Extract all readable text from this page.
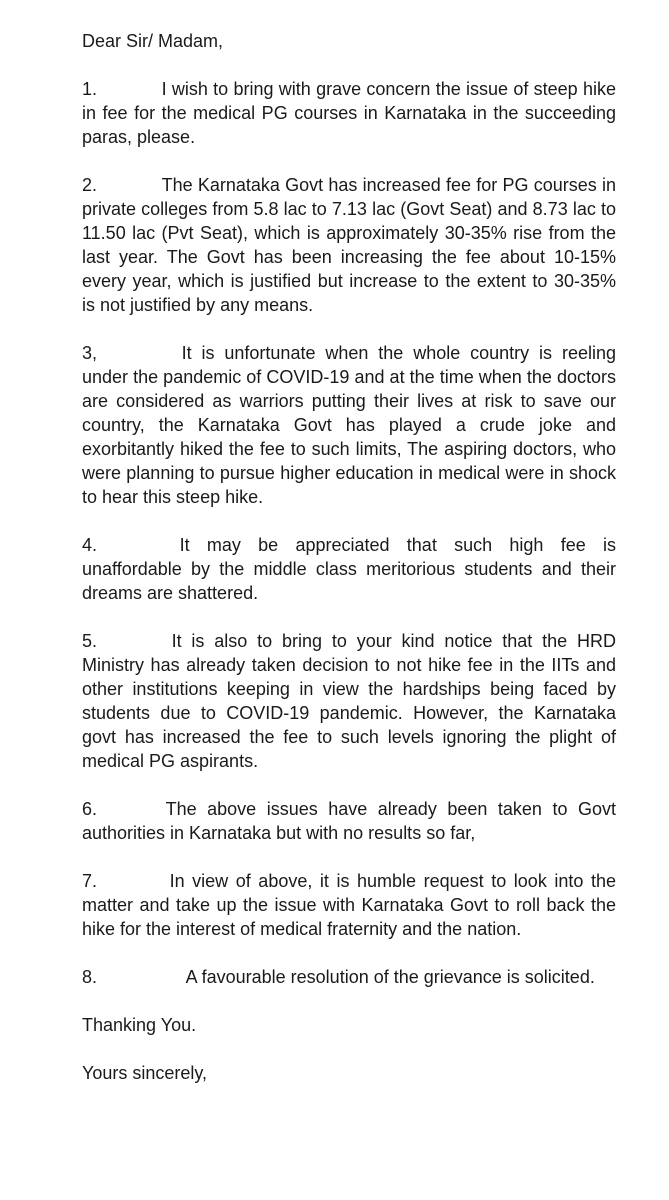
Dear Sir/ Madam,
1.	I wish to bring with grave concern the issue of steep hike in fee for the medical PG courses in Karnataka in the succeeding paras, please.
2.	The Karnataka Govt has increased fee for PG courses in private colleges from 5.8 lac to 7.13 lac (Govt Seat) and 8.73 lac to 11.50 lac (Pvt Seat), which is approximately 30-35% rise from the last year. The Govt has been increasing the fee about 10-15% every year, which is justified but increase to the extent to 30-35% is not justified by any means.
3,	It is unfortunate when the whole country is reeling under the pandemic of COVID-19 and at the time when the doctors are considered as warriors putting their lives at risk to save our country, the Karnataka Govt has played a crude joke and exorbitantly hiked the fee to such limits, The aspiring doctors, who were planning to pursue higher education in medical were in shock to hear this steep hike.
4.	It may be appreciated that such high fee is unaffordable by the middle class meritorious students and their dreams are shattered.
5.	It is also to bring to your kind notice that the HRD Ministry has already taken decision to not hike fee in the IITs and other institutions keeping in view the hardships being faced by students due to COVID-19 pandemic. However, the Karnataka govt has increased the fee to such levels ignoring the plight of medical PG aspirants.
6.	The above issues have already been taken to Govt authorities in Karnataka but with no results so far,
7.	In view of above, it is humble request to look into the matter and take up the issue with Karnataka Govt to roll back the hike for the interest of medical fraternity and the nation.
8.	A favourable resolution of the grievance is solicited.
Thanking You.
Yours sincerely,
